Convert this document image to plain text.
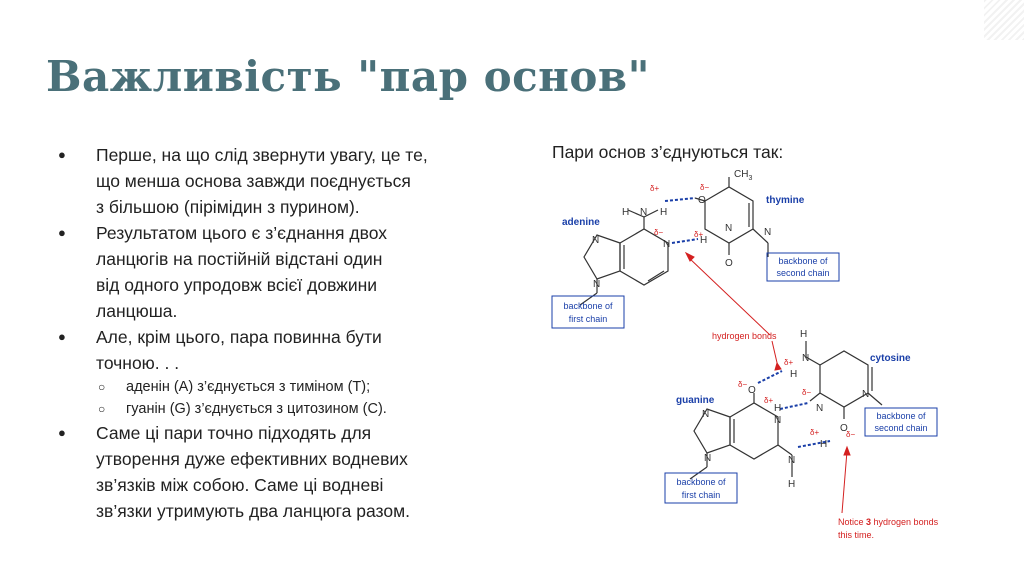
Важливість "пар основ"
● Перше, на що слід звернути увагу, це те,
що менша основа завжди поєднується
з більшою (пірімідин з пурином).
● Результатом цього є з’єднання двох
ланцюгів на постійній відстані один
від одного упродовж всієї довжини
ланцюша.
● Але, крім цього, пара повинна бути
точною. . .
○ аденін (А) з’єднується з тиміном (Т);
○ гуанін (G) з’єднується з цитозином (С).
● Саме ці пари точно підходять для
утворення дуже ефективних водневих
зв’язків між собою. Саме ці водневі
зв’язки утримують два ланцюга разом.
Пари основ з’єднуються так:
H N H
N
N
N
O
H
N	N
O
H
N
H
O
H
N
N
N
O
N
H
H
N
N
$CH_3$
δ+	δ−
δ−	δ+
δ−
δ+
δ+
δ−
δ+	δ−
adenine
thymine
guanine
cytosine
backbone of
first chain
backbone of
second chain
backbone of
first chain
backbone of
second chain
hydrogen bonds
Notice 3 hydrogen bonds
this time.
